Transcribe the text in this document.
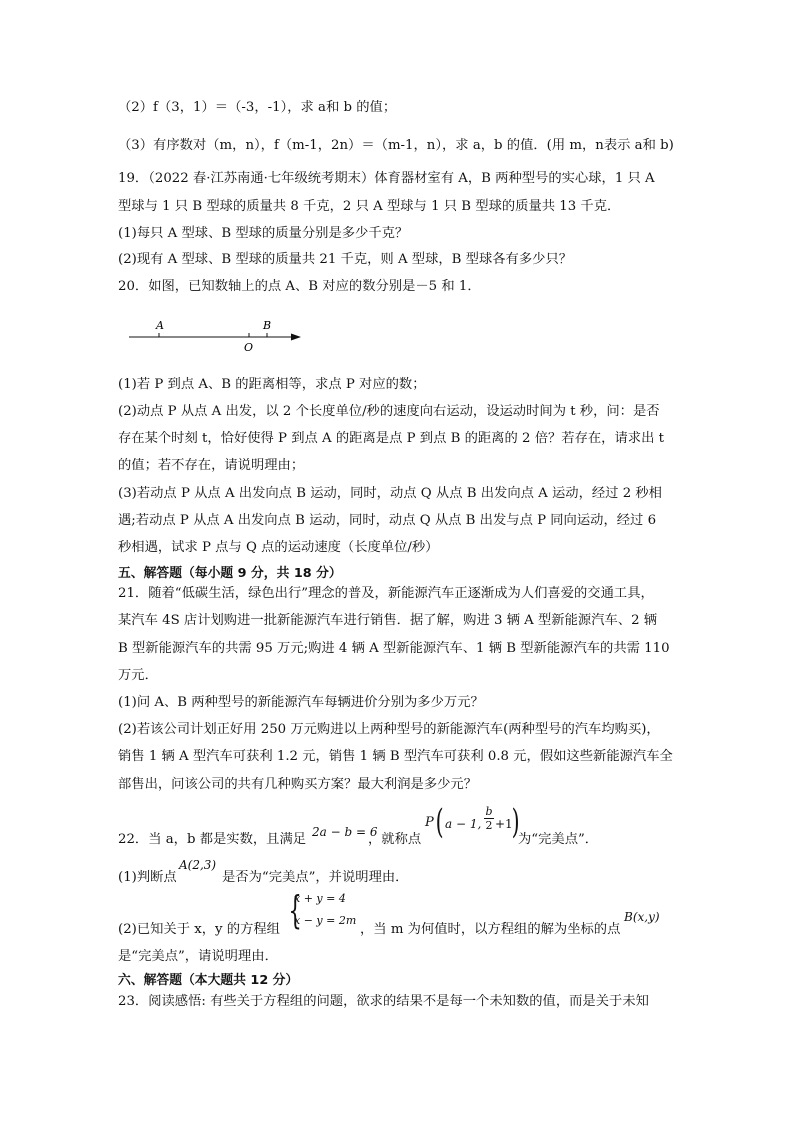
（2）f（3，1）＝（-3，-1），求 a和 b 的值；
（3）有序数对（m，n），f（m-1，2n）＝（m-1，n），求 a，b 的值．(用 m，n表示 a和 b)
19．（2022 春·江苏南通·七年级统考期末）体育器材室有 A，B 两种型号的实心球，1 只 A
型球与 1 只 B 型球的质量共 8 千克，2 只 A 型球与 1 只 B 型球的质量共 13 千克．
(1)每只 A 型球、B 型球的质量分别是多少千克？
(2)现有 A 型球、B 型球的质量共 21 千克，则 A 型球，B 型球各有多少只？
20．如图，已知数轴上的点 A、B 对应的数分别是－5 和 1．
A	B
O
(1)若 P 到点 A、B 的距离相等，求点 P 对应的数；
(2)动点 P 从点 A 出发，以 2 个长度单位/秒的速度向右运动，设运动时间为 t 秒，问：是否
存在某个时刻 t，恰好使得 P 到点 A 的距离是点 P 到点 B 的距离的 2 倍？若存在，请求出 t
的值；若不存在，请说明理由；
(3)若动点 P 从点 A 出发向点 B 运动，同时，动点 Q 从点 B 出发向点 A 运动，经过 2 秒相
遇;若动点 P 从点 A 出发向点 B 运动，同时，动点 Q 从点 B 出发与点 P 同向运动，经过 6
秒相遇，试求 P 点与 Q 点的运动速度（长度单位/秒）
五、解答题（每小题 9 分，共 18 分）
21．随着“低碳生活，绿色出行”理念的普及，新能源汽车正逐渐成为人们喜爱的交通工具，
某汽车 4S 店计划购进一批新能源汽车进行销售．据了解，购进 3 辆 A 型新能源汽车、2 辆
B 型新能源汽车的共需 95 万元;购进 4 辆 A 型新能源汽车、1 辆 B 型新能源汽车的共需 110
万元．
(1)问 A、B 两种型号的新能源汽车每辆进价分别为多少万元？
(2)若该公司计划正好用 250 万元购进以上两种型号的新能源汽车(两种型号的汽车均购买)，
销售 1 辆 A 型汽车可获利 1.2 元，销售 1 辆 B 型汽车可获利 0.8 元，假如这些新能源汽车全
部售出，问该公司的共有几种购买方案？最大利润是多少元？
22．当 a，b 都是实数，且满足 2a − b = 6
，就称点
P ( a − 1,
b
2 +1
)
为“完美点”．
(1)判断点
A(2,3)
是否为“完美点”，并说明理由．
(2)已知关于 x，y 的方程组 {
x + y = 4
x − y = 2m
，当 m 为何值时，以方程组的解为坐标的点
B(x,y)
是“完美点”，请说明理由．
六、解答题（本大题共 12 分）
23．阅读感悟: 有些关于方程组的问题，欲求的结果不是每一个未知数的值，而是关于未知
